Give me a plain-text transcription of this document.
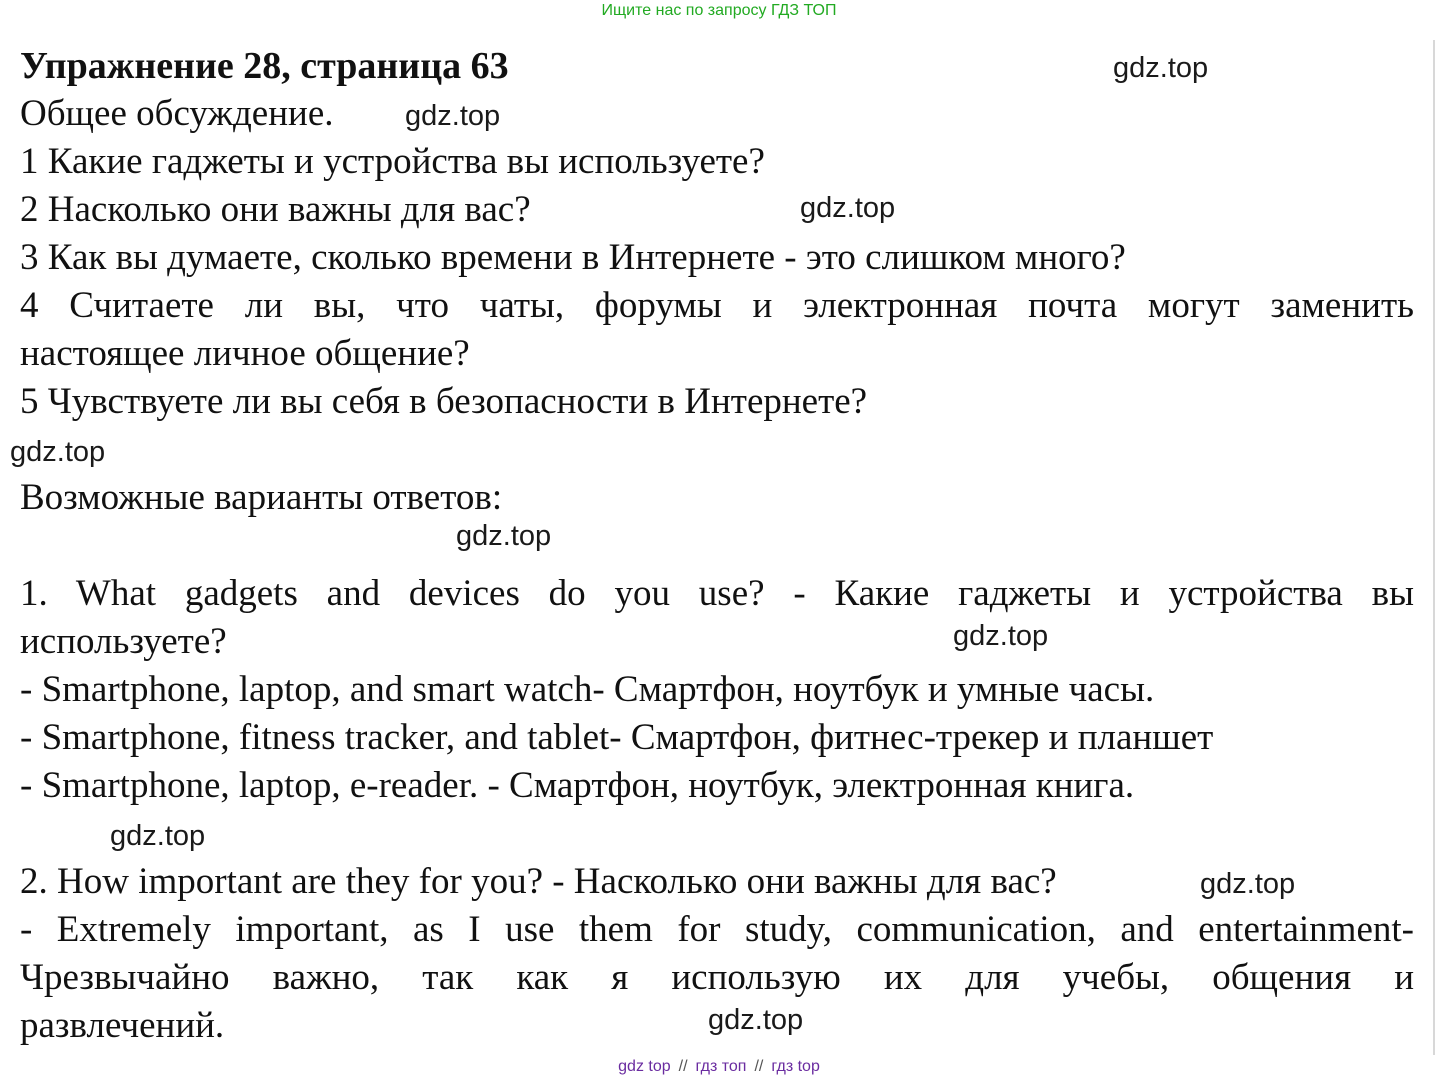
Ищите нас по запросу ГДЗ ТОП
Упражнение 28, страница 63
Общее обсуждение.
1 Какие гаджеты и устройства вы используете?
2 Насколько они важны для вас?
3 Как вы думаете, сколько времени в Интернете - это слишком много?
4 Считаете ли вы, что чаты, форумы и электронная почта могут заменить
настоящее личное общение?
5 Чувствуете ли вы себя в безопасности в Интернете?
Возможные варианты ответов:
1. What gadgets and devices do you use? - Какие гаджеты и устройства вы
используете?
- Smartphone, laptop, and smart watch- Смартфон, ноутбук и умные часы.
- Smartphone, fitness tracker, and tablet- Смартфон, фитнес-трекер и планшет
- Smartphone, laptop, e-reader. - Смартфон, ноутбук, электронная книга.
2. How important are they for you? - Насколько они важны для вас?
- Extremely important, as I use them for study, communication, and entertainment-
Чрезвычайно важно, так как я использую их для учебы, общения и
развлечений.
gdz.top
gdz.top
gdz.top
gdz.top
gdz.top
gdz.top
gdz.top
gdz.top
gdz.top
gdz top // гдз топ // гдз top
